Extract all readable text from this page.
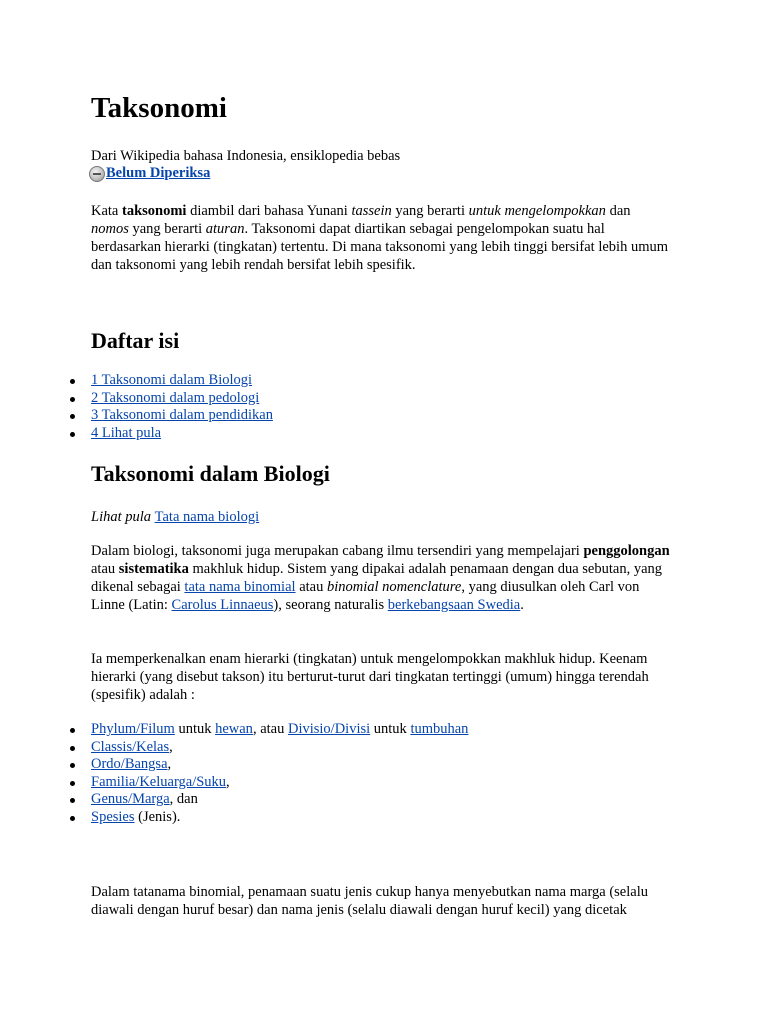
Taksonomi

Dari Wikipedia bahasa Indonesia, ensiklopedia bebas

Belum Diperiksa

Kata taksonomi diambil dari bahasa Yunani tassein yang berarti untuk mengelompokkan dan nomos yang berarti aturan. Taksonomi dapat diartikan sebagai pengelompokan suatu hal berdasarkan hierarki (tingkatan) tertentu. Di mana taksonomi yang lebih tinggi bersifat lebih umum dan taksonomi yang lebih rendah bersifat lebih spesifik.

Daftar isi
1 Taksonomi dalam Biologi
2 Taksonomi dalam pedologi
3 Taksonomi dalam pendidikan
4 Lihat pula
Taksonomi dalam Biologi

Lihat pula Tata nama biologi

Dalam biologi, taksonomi juga merupakan cabang ilmu tersendiri yang mempelajari penggolongan atau sistematika makhluk hidup. Sistem yang dipakai adalah penamaan dengan dua sebutan, yang dikenal sebagai tata nama binomial atau binomial nomenclature, yang diusulkan oleh Carl von Linne (Latin: Carolus Linnaeus), seorang naturalis berkebangsaan Swedia.

Ia memperkenalkan enam hierarki (tingkatan) untuk mengelompokkan makhluk hidup. Keenam hierarki (yang disebut takson) itu berturut-turut dari tingkatan tertinggi (umum) hingga terendah (spesifik) adalah :

Phylum/Filum untuk hewan, atau Divisio/Divisi untuk tumbuhan
Classis/Kelas,
Ordo/Bangsa,
Familia/Keluarga/Suku,
Genus/Marga, dan
Spesies (Jenis).

Dalam tatanama binomial, penamaan suatu jenis cukup hanya menyebutkan nama marga (selalu diawali dengan huruf besar) dan nama jenis (selalu diawali dengan huruf kecil) yang dicetak
